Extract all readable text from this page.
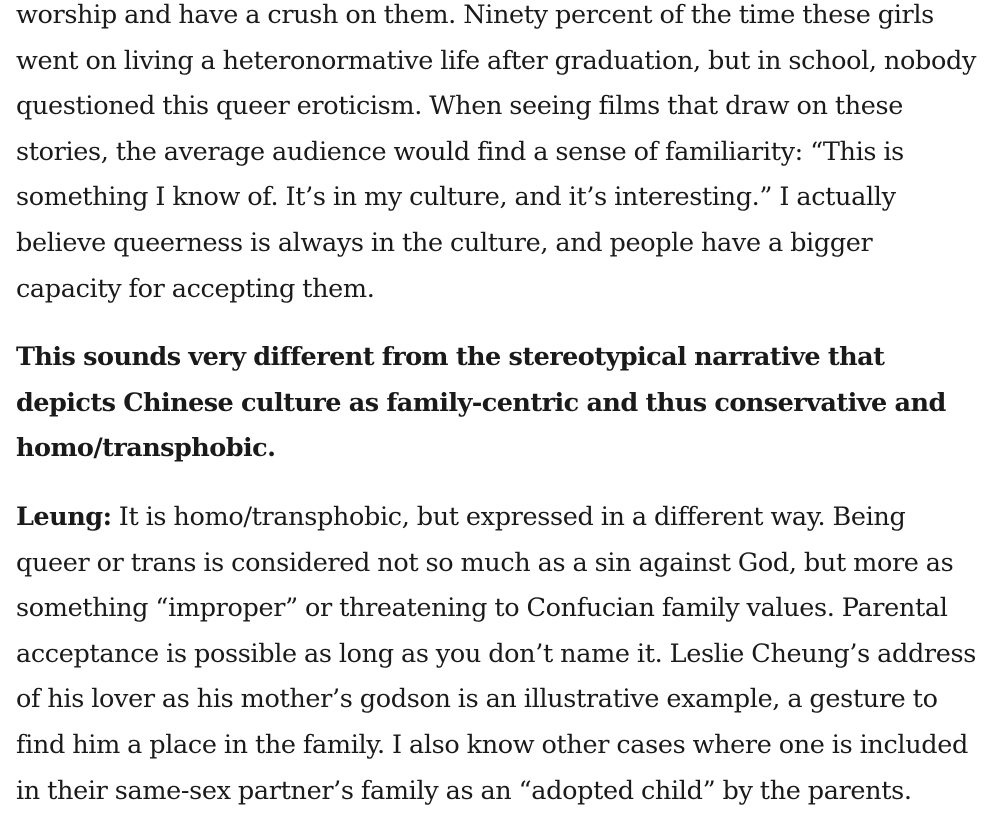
worship and have a crush on them. Ninety percent of the time these girls went on living a heteronormative life after graduation, but in school, nobody questioned this queer eroticism. When seeing films that draw on these stories, the average audience would find a sense of familiarity: “This is something I know of. It’s in my culture, and it’s interesting.” I actually believe queerness is always in the culture, and people have a bigger capacity for accepting them.

This sounds very different from the stereotypical narrative that depicts Chinese culture as family-centric and thus conservative and homo/transphobic.

Leung: It is homo/transphobic, but expressed in a different way. Being queer or trans is considered not so much as a sin against God, but more as something “improper” or threatening to Confucian family values. Parental acceptance is possible as long as you don’t name it. Leslie Cheung’s address of his lover as his mother’s godson is an illustrative example, a gesture to find him a place in the family. I also know other cases where one is included in their same-sex partner’s family as an “adopted child” by the parents.
